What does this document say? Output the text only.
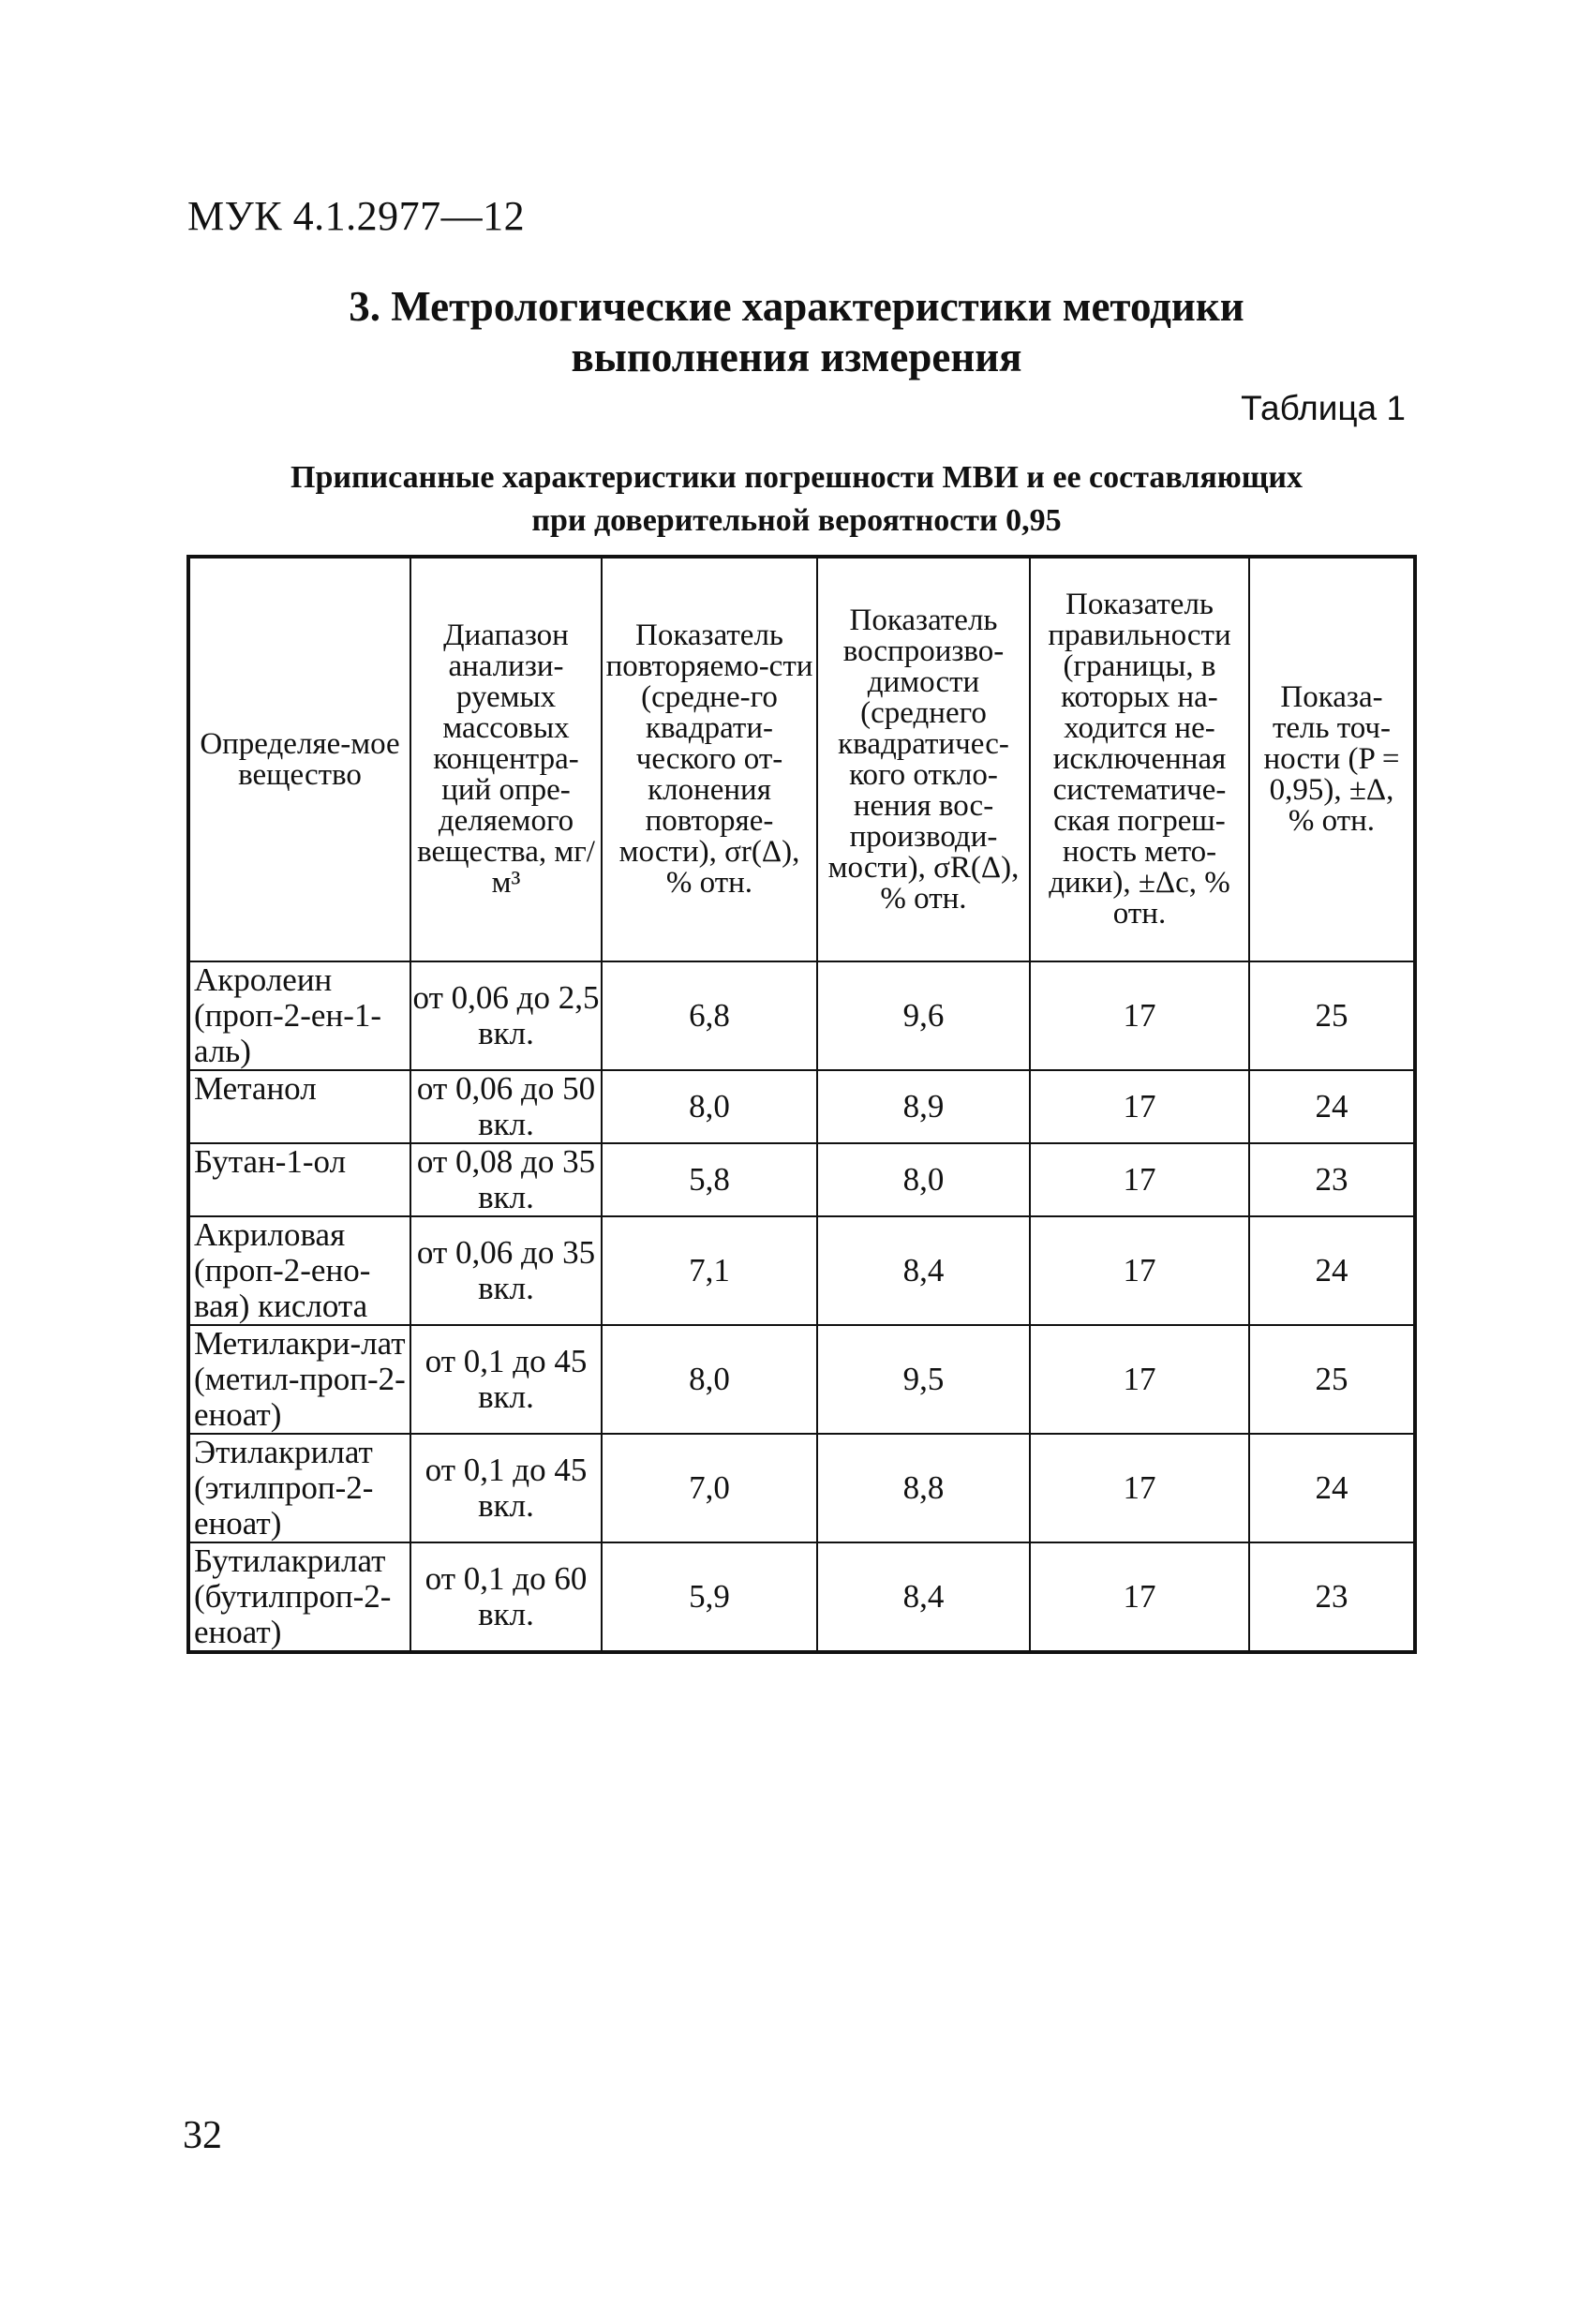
МУК 4.1.2977—12
3. Метрологические характеристики методики
выполнения измерения
Таблица 1
Приписанные характеристики погрешности МВИ и ее составляющих
при доверительной вероятности 0,95
Определяе-мое вещество	Диапазон анализи-руемых массовых концентра-ций опре-деляемого вещества, мг/м³	Показатель повторяемо-сти (средне-го квадрати-ческого от-клонения повторяе-мости), σr(Δ), % отн.	Показатель воспроизво-димости (среднего квадратичес-кого откло-нения вос-производи-мости), σR(Δ), % отн.	Показатель правильности (границы, в которых на-ходится не-исключенная систематиче-ская погреш-ность мето-дики), ±Δc, % отн.	Показа-тель точ-ности (P = 0,95), ±Δ, % отн.

Акролеин (проп-2-ен-1-аль)	от 0,06 до 2,5 вкл.	6,8	9,6	17	25
Метанол	от 0,06 до 50 вкл.	8,0	8,9	17	24
Бутан-1-ол	от 0,08 до 35 вкл.	5,8	8,0	17	23
Акриловая (проп-2-ено-вая) кислота	от 0,06 до 35 вкл.	7,1	8,4	17	24
Метилакри-лат (метил-проп-2-еноат)	от 0,1 до 45 вкл.	8,0	9,5	17	25
Этилакрилат (этилпроп-2-еноат)	от 0,1 до 45 вкл.	7,0	8,8	17	24
Бутилакрилат (бутилпроп-2-еноат)	от 0,1 до 60 вкл.	5,9	8,4	17	23
32
